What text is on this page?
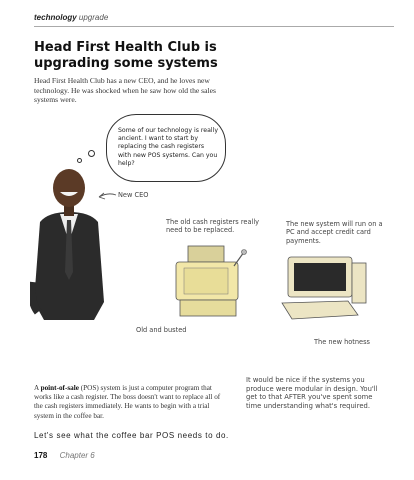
technology upgrade
Head First Health Club is upgrading some systems
Head First Health Club has a new CEO, and he loves new technology. He was shocked when he saw how old the sales systems were.
Some of our technology is really ancient. I want to start by replacing the cash registers with new POS systems. Can you help?
New CEO
The old cash registers really need to be replaced.
Old and busted
The new system will run on a PC and accept credit card payments.
The new hotness
A point-of-sale (POS) system is just a computer program that works like a cash register. The boss doesn't want to replace all of the cash registers immediately. He wants to begin with a trial system in the coffee bar.
It would be nice if the systems you produce were modular in design. You'll get to that AFTER you've spent some time understanding what's required.
Let's see what the coffee bar POS needs to do.
178 Chapter 6
